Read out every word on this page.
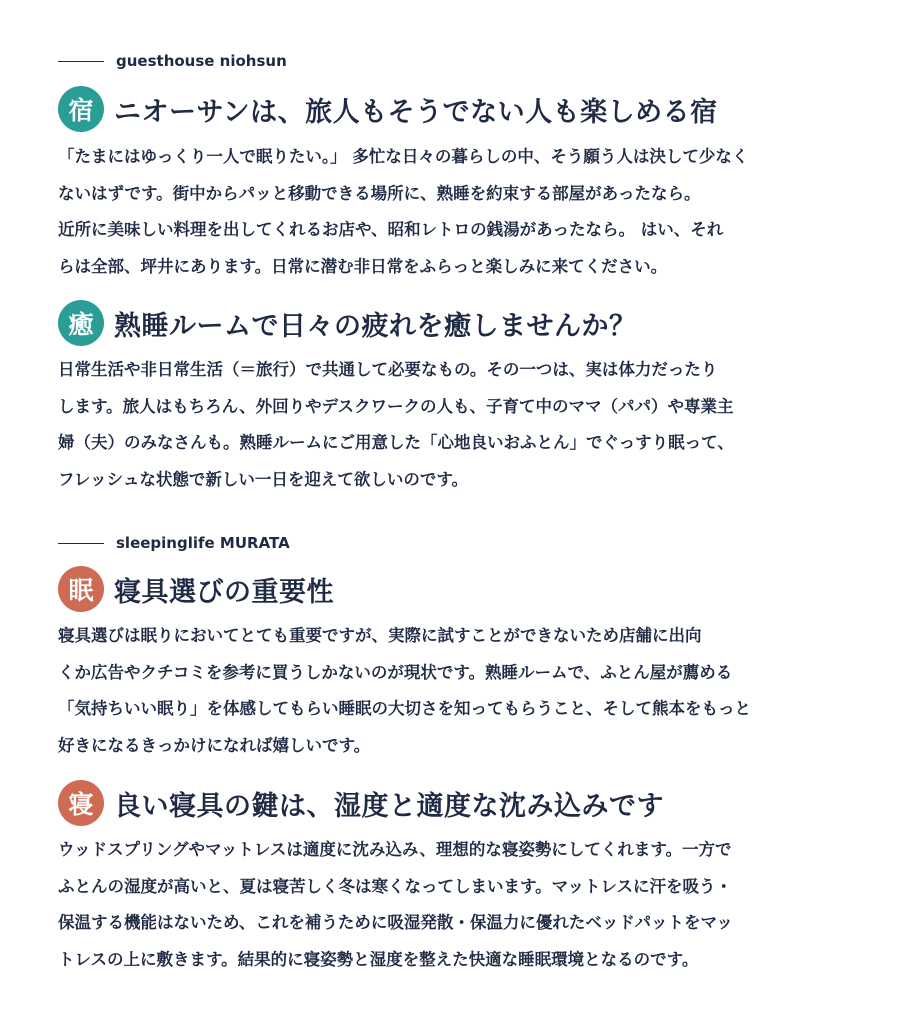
guesthouse niohsun
宿 ニオーサンは、旅人もそうでない人も楽しめる宿

「たまにはゆっくり一人で眠りたい。」 多忙な日々の暮らしの中、そう願う人は決して少なく
ないはずです。街中からパッと移動できる場所に、熟睡を約束する部屋があったなら。
近所に美味しい料理を出してくれるお店や、昭和レトロの銭湯があったなら。 はい、それ
らは全部、坪井にあります。日常に潜む非日常をふらっと楽しみに来てください。

癒 熟睡ルームで日々の疲れを癒しませんか？

日常生活や非日常生活（＝旅行）で共通して必要なもの。その一つは、実は体力だったり
します。旅人はもちろん、外回りやデスクワークの人も、子育て中のママ（パパ）や専業主
婦（夫）のみなさんも。熟睡ルームにご用意した「心地良いおふとん」でぐっすり眠って、
フレッシュな状態で新しい一日を迎えて欲しいのです。

sleepinglife MURATA
眠 寝具選びの重要性

寝具選びは眠りにおいてとても重要ですが、実際に試すことができないため店舗に出向
くか広告やクチコミを参考に買うしかないのが現状です。熟睡ルームで、ふとん屋が薦める
「気持ちいい眠り」を体感してもらい睡眠の大切さを知ってもらうこと、そして熊本をもっと
好きになるきっかけになれば嬉しいです。

寝 良い寝具の鍵は、湿度と適度な沈み込みです

ウッドスプリングやマットレスは適度に沈み込み、理想的な寝姿勢にしてくれます。一方で
ふとんの湿度が高いと、夏は寝苦しく冬は寒くなってしまいます。マットレスに汗を吸う・
保温する機能はないため、これを補うために吸湿発散・保温力に優れたベッドパットをマッ
トレスの上に敷きます。結果的に寝姿勢と湿度を整えた快適な睡眠環境となるのです。
